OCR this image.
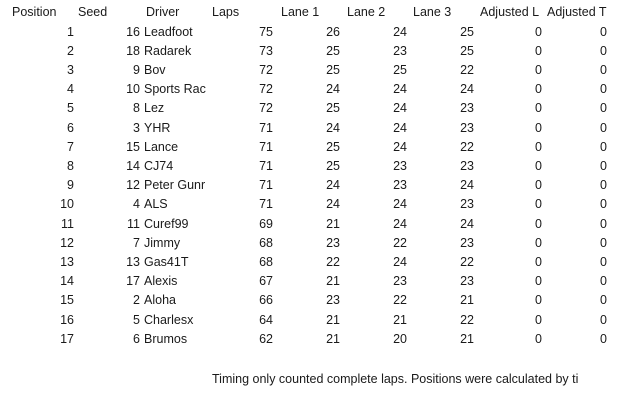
Position	Seed	Driver	Laps	Lane 1	Lane 2	Lane 3	Adjusted L Adjusted T
1	16 Leadfoot	75	26	24	25	0	0
2	18 Radarek	73	25	23	25	0	0
3	9 Bov	72	25	25	22	0	0
4	10 Sports Rac	72	24	24	24	0	0
5	8 Lez	72	25	24	23	0	0
6	3 YHR	71	24	24	23	0	0
7	15 Lance	71	25	24	22	0	0
8	14 CJ74	71	25	23	23	0	0
9	12 Peter Gunr	71	24	23	24	0	0
10	4 ALS	71	24	24	23	0	0
11	11 Curef99	69	21	24	24	0	0
12	7 Jimmy	68	23	22	23	0	0
13	13 Gas41T	68	22	24	22	0	0
14	17 Alexis	67	21	23	23	0	0
15	2 Aloha	66	23	22	21	0	0
16	5 Charlesx	64	21	21	22	0	0
17	6 Brumos	62	21	20	21	0	0
Timing only counted complete laps. Positions were calculated by ti
